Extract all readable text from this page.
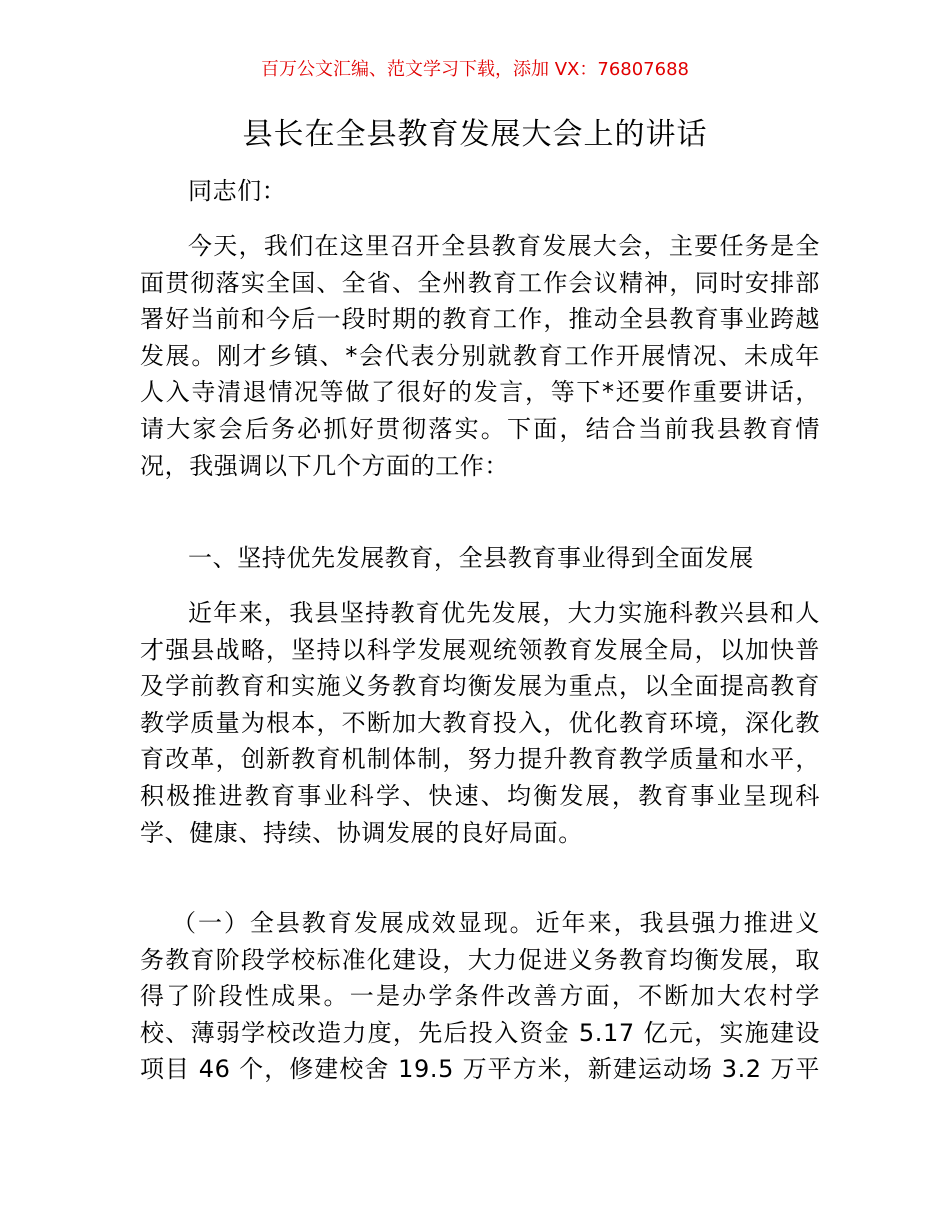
百万公文汇编、范文学习下载，添加 VX：76807688
县长在全县教育发展大会上的讲话
同志们：
今天，我们在这里召开全县教育发展大会，主要任务是全
面贯彻落实全国、全省、全州教育工作会议精神，同时安排部
署好当前和今后一段时期的教育工作，推动全县教育事业跨越
发展。刚才乡镇、*会代表分别就教育工作开展情况、未成年
人入寺清退情况等做了很好的发言，等下*还要作重要讲话，
请大家会后务必抓好贯彻落实。下面，结合当前我县教育情
况，我强调以下几个方面的工作：
一、坚持优先发展教育，全县教育事业得到全面发展
近年来，我县坚持教育优先发展，大力实施科教兴县和人
才强县战略，坚持以科学发展观统领教育发展全局，以加快普
及学前教育和实施义务教育均衡发展为重点，以全面提高教育
教学质量为根本，不断加大教育投入，优化教育环境，深化教
育改革，创新教育机制体制，努力提升教育教学质量和水平，
积极推进教育事业科学、快速、均衡发展，教育事业呈现科
学、健康、持续、协调发展的良好局面。
（一）全县教育发展成效显现。近年来，我县强力推进义
务教育阶段学校标准化建设，大力促进义务教育均衡发展，取
得了阶段性成果。一是办学条件改善方面，不断加大农村学
校、薄弱学校改造力度，先后投入资金 5.17 亿元，实施建设
项目 46 个，修建校舍 19.5 万平方米，新建运动场 3.2 万平
